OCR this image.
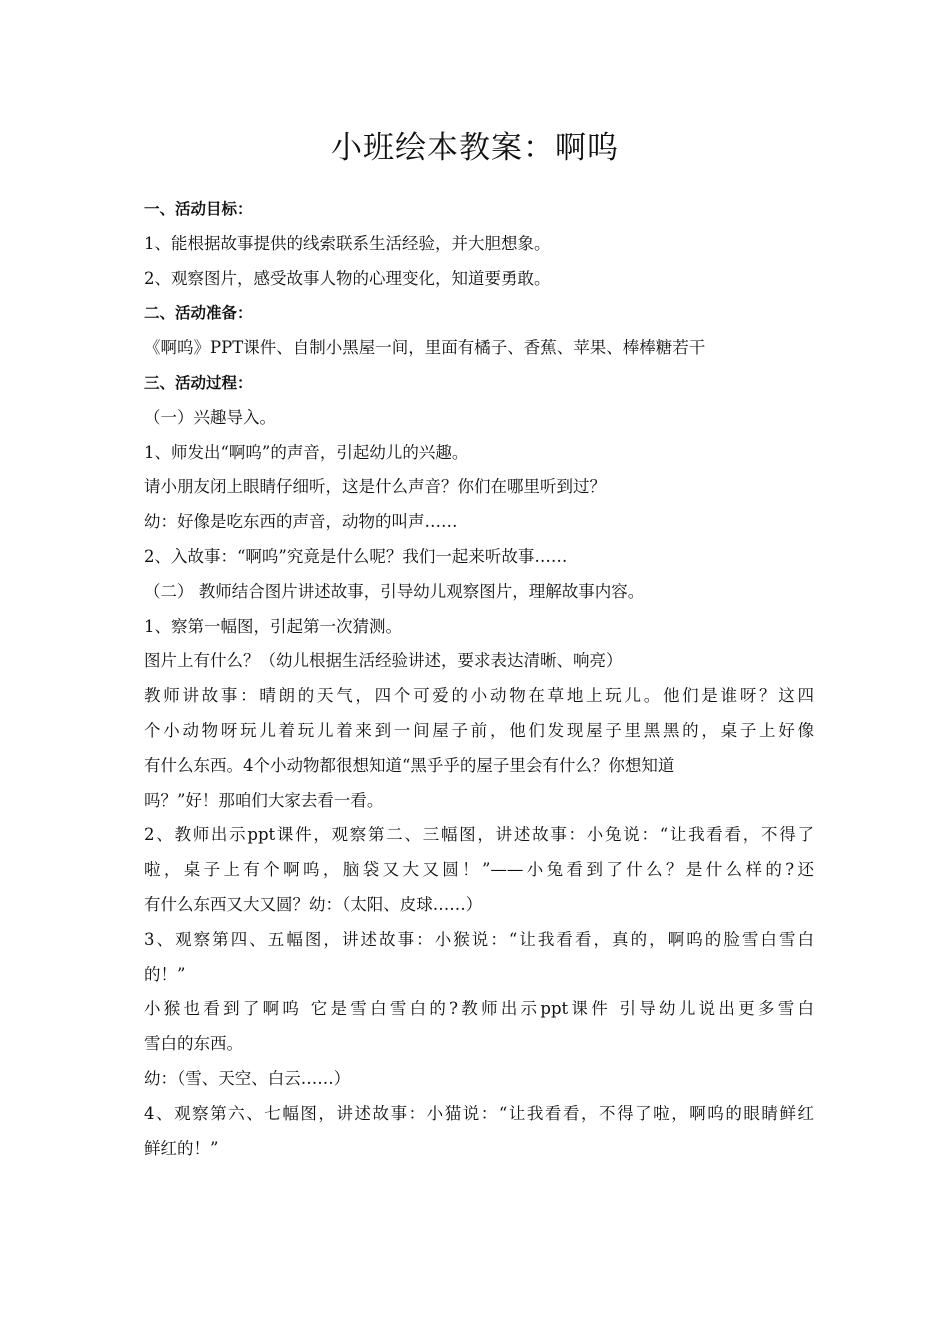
小班绘本教案：啊呜
一、活动目标：
1、能根据故事提供的线索联系生活经验，并大胆想象。
2、观察图片，感受故事人物的心理变化，知道要勇敢。
二、活动准备：
《啊呜》PPT课件、自制小黑屋一间，里面有橘子、香蕉、苹果、棒棒糖若干
三、活动过程：
（一）兴趣导入。
1、师发出“啊呜”的声音，引起幼儿的兴趣。
请小朋友闭上眼睛仔细听，这是什么声音？你们在哪里听到过？
幼：好像是吃东西的声音，动物的叫声……
2、入故事：“啊呜”究竟是什么呢？我们一起来听故事……
（二） 教师结合图片讲述故事，引导幼儿观察图片，理解故事内容。
1、察第一幅图，引起第一次猜测。
图片上有什么？（幼儿根据生活经验讲述，要求表达清晰、响亮）
教师讲故事：晴朗的天气，四个可爱的小动物在草地上玩儿。他们是谁呀？这四
个小动物呀玩儿着玩儿着来到一间屋子前，他们发现屋子里黑黑的，桌子上好像
有什么东西。4个小动物都很想知道“黑乎乎的屋子里会有什么？你想知道
吗？”好！那咱们大家去看一看。
2、教师出示ppt课件，观察第二、三幅图，讲述故事：小兔说：“让我看看，不得了
啦，桌子上有个啊呜，脑袋又大又圆！”——小兔看到了什么？是什么样的?还
有什么东西又大又圆？幼：（太阳、皮球……）
3、观察第四、五幅图，讲述故事：小猴说：“让我看看，真的，啊呜的脸雪白雪白
的！”
小猴也看到了啊呜 它是雪白雪白的?教师出示ppt课件 引导幼儿说出更多雪白
雪白的东西。
幼：（雪、天空、白云……）
4、观察第六、七幅图，讲述故事：小猫说：“让我看看，不得了啦，啊呜的眼睛鲜红
鲜红的！”
